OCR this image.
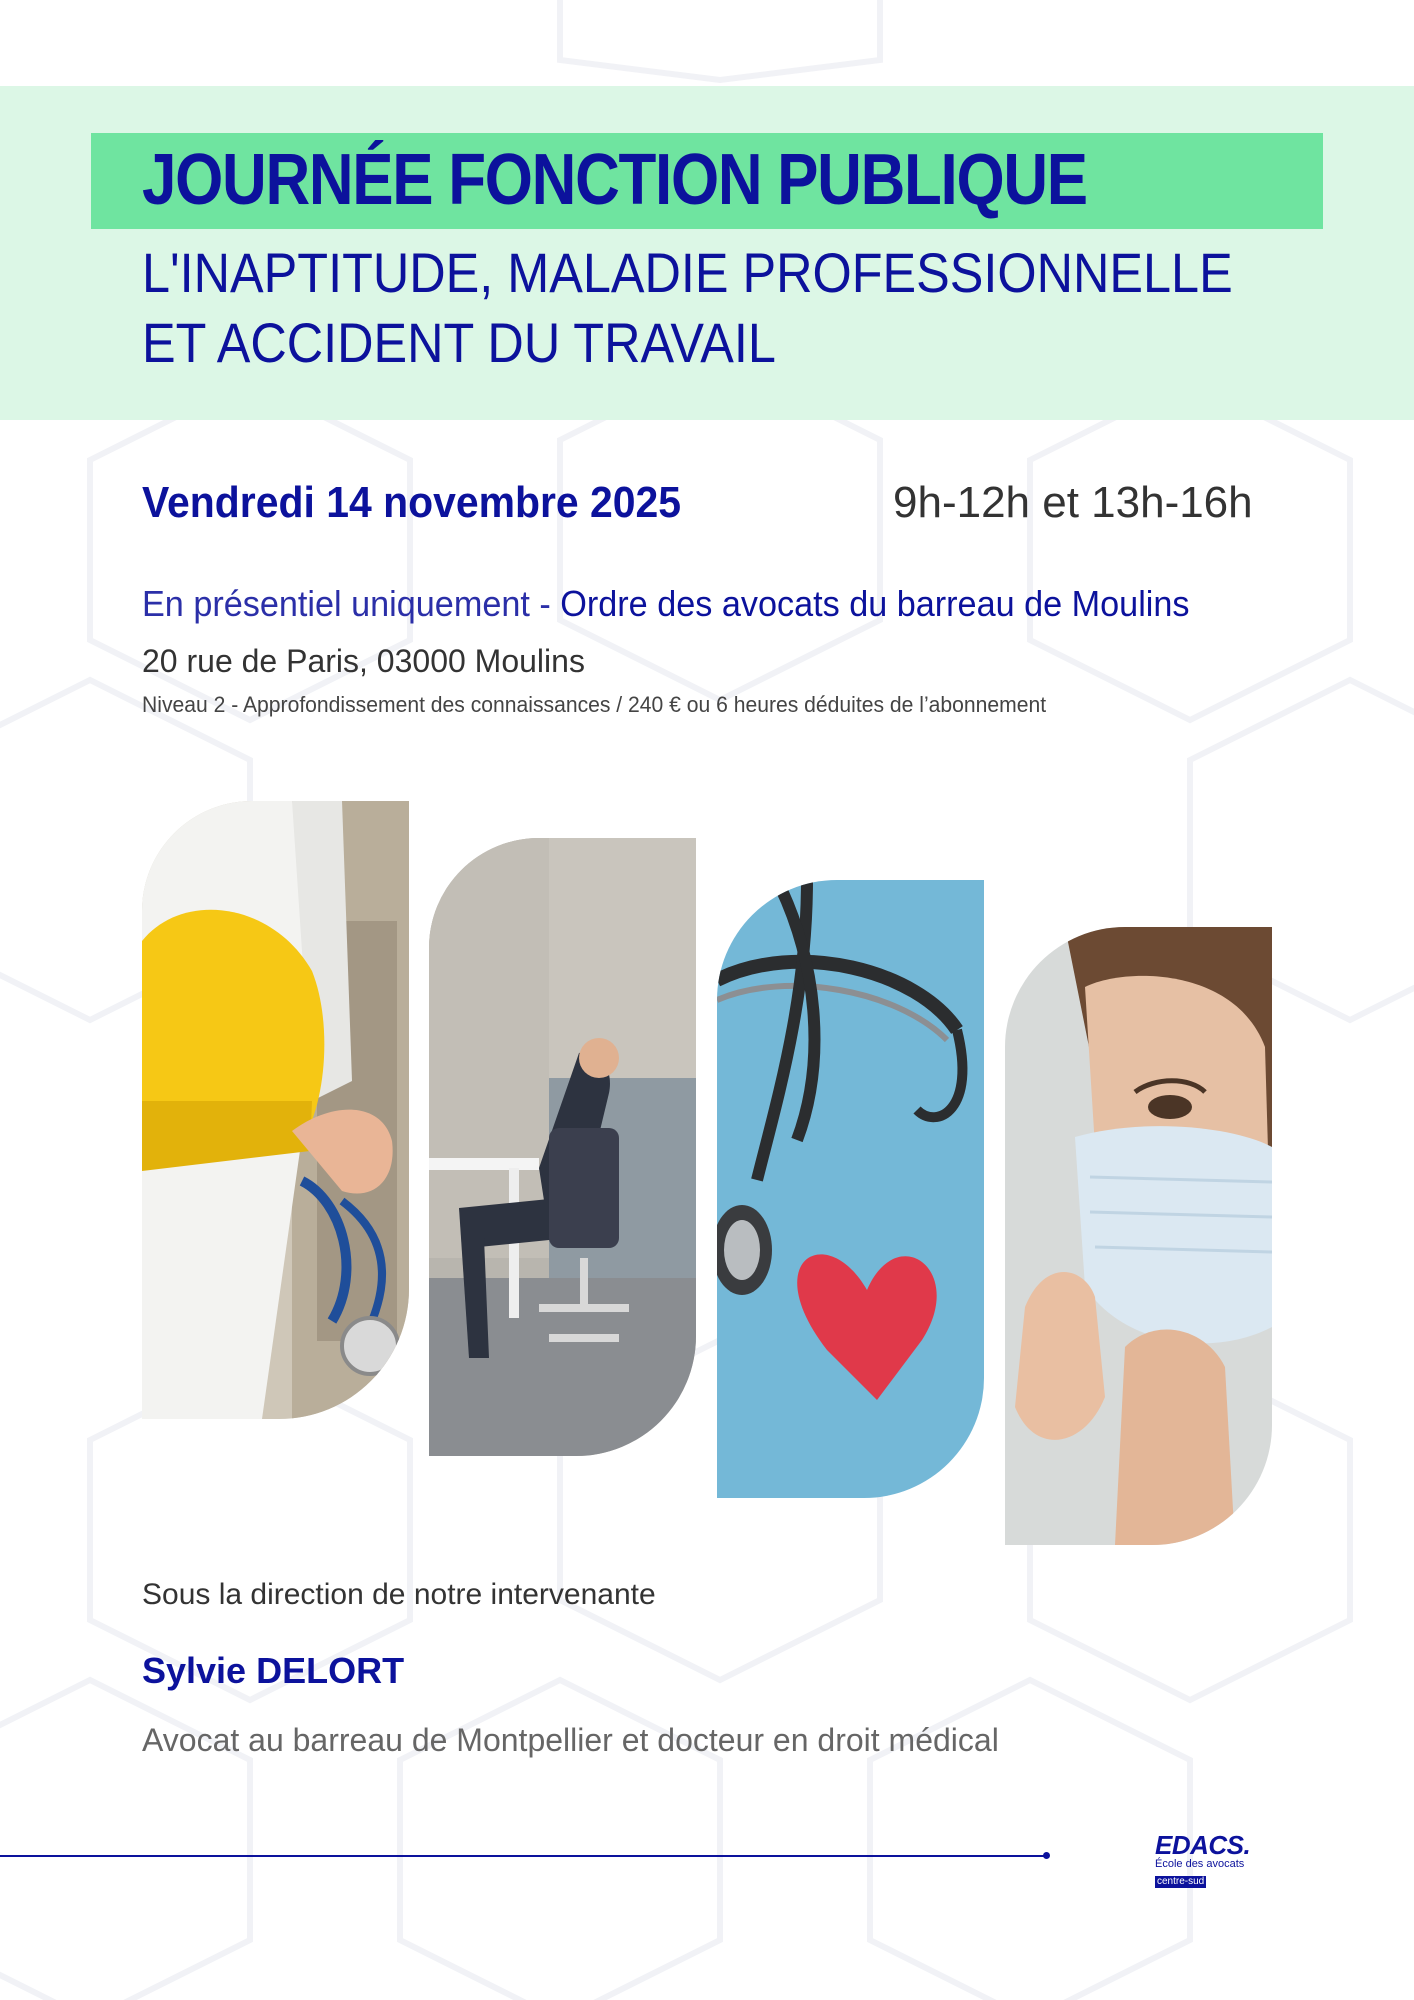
JOURNÉE FONCTION PUBLIQUE
L'INAPTITUDE, MALADIE PROFESSIONNELLE
ET ACCIDENT DU TRAVAIL
Vendredi 14 novembre 2025	9h-12h et 13h-16h
En présentiel uniquement - Ordre des avocats du barreau de Moulins
20 rue de Paris, 03000 Moulins
Niveau 2 - Approfondissement des connaissances / 240 € ou 6 heures déduites de l’abonnement
Sous la direction de notre intervenante
Sylvie DELORT
Avocat au barreau de Montpellier et docteur en droit médical
EDACS.
École des avocats
centre-sud
